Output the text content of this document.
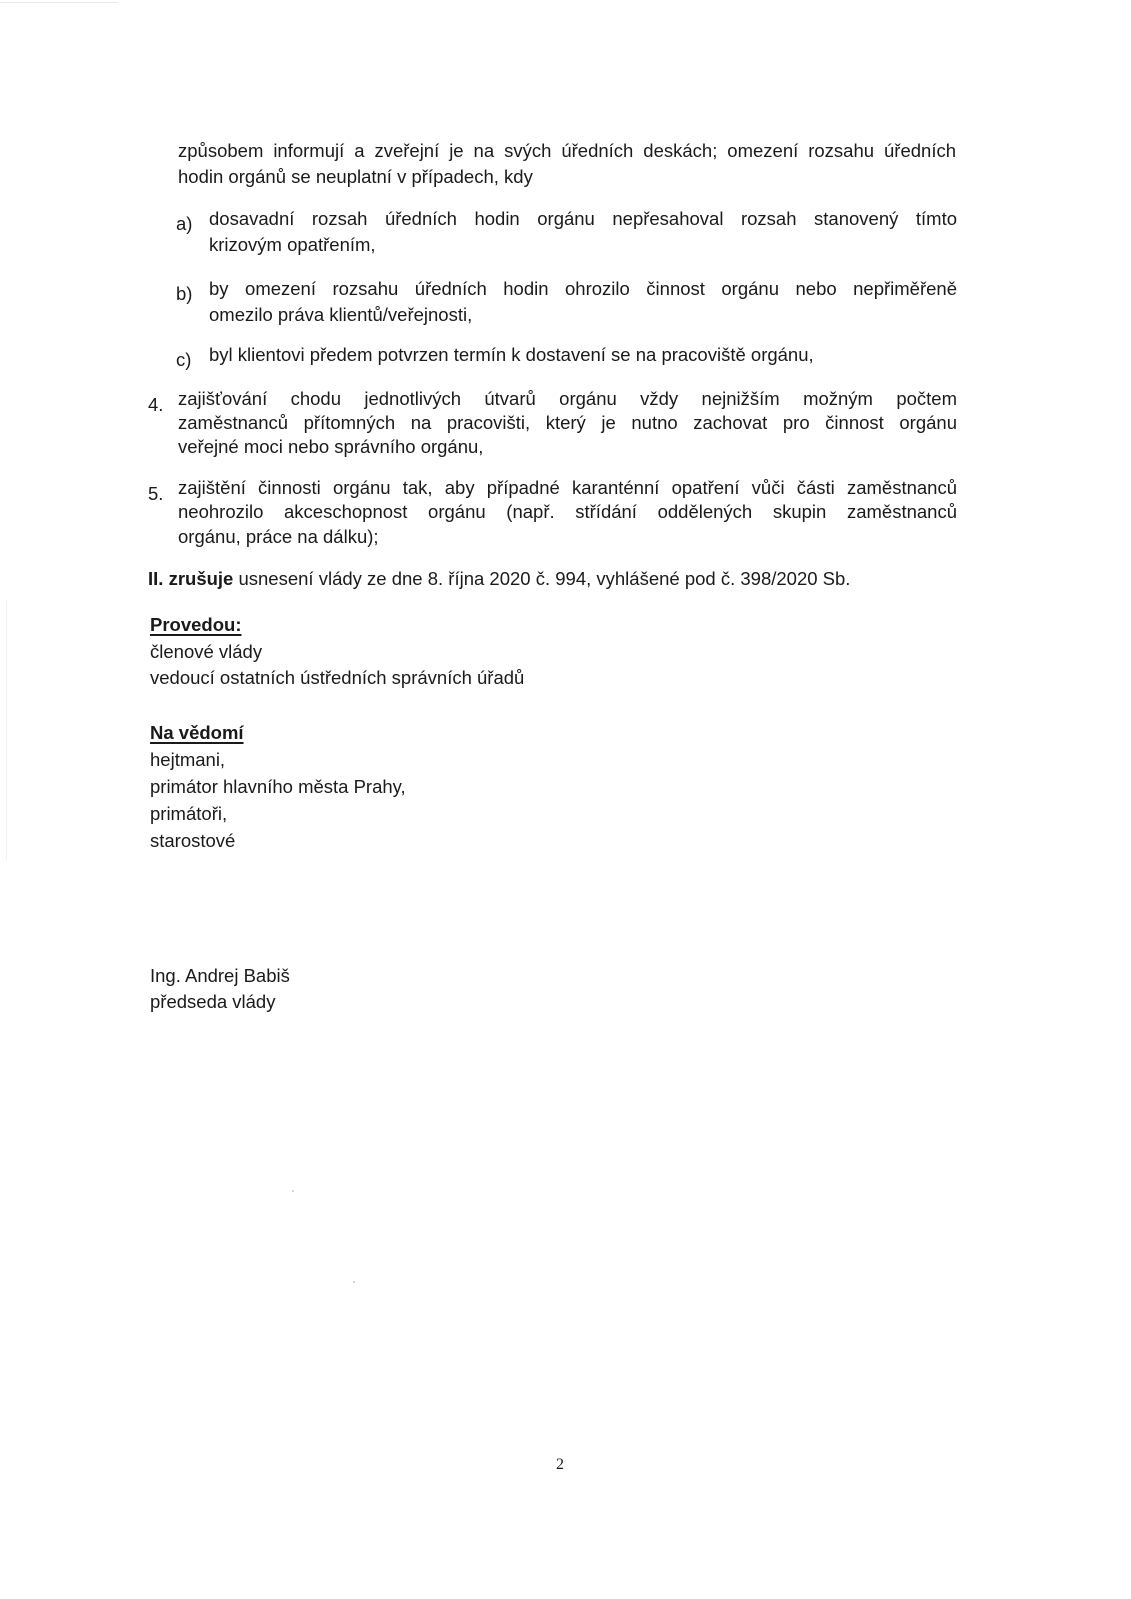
způsobem informují a zveřejní je na svých úředních deskách; omezení rozsahu úředních
hodin orgánů se neuplatní v případech, kdy
a) dosavadní rozsah úředních hodin orgánu nepřesahoval rozsah stanovený tímto
krizovým opatřením,
b) by omezení rozsahu úředních hodin ohrozilo činnost orgánu nebo nepřiměřeně
omezilo práva klientů/veřejnosti,
c) byl klientovi předem potvrzen termín k dostavení se na pracoviště orgánu,
4. zajišťování chodu jednotlivých útvarů orgánu vždy nejnižším možným počtem
zaměstnanců přítomných na pracovišti, který je nutno zachovat pro činnost orgánu
veřejné moci nebo správního orgánu,
5. zajištění činnosti orgánu tak, aby případné karanténní opatření vůči části zaměstnanců
neohrozilo akceschopnost orgánu (např. střídání oddělených skupin zaměstnanců
orgánu, práce na dálku);
II. zrušuje usnesení vlády ze dne 8. října 2020 č. 994, vyhlášené pod č. 398/2020 Sb.
Provedou:
členové vlády
vedoucí ostatních ústředních správních úřadů
Na vědomí
hejtmani,
primátor hlavního města Prahy,
primátoři,
starostové
Ing. Andrej Babiš
předseda vlády
2
